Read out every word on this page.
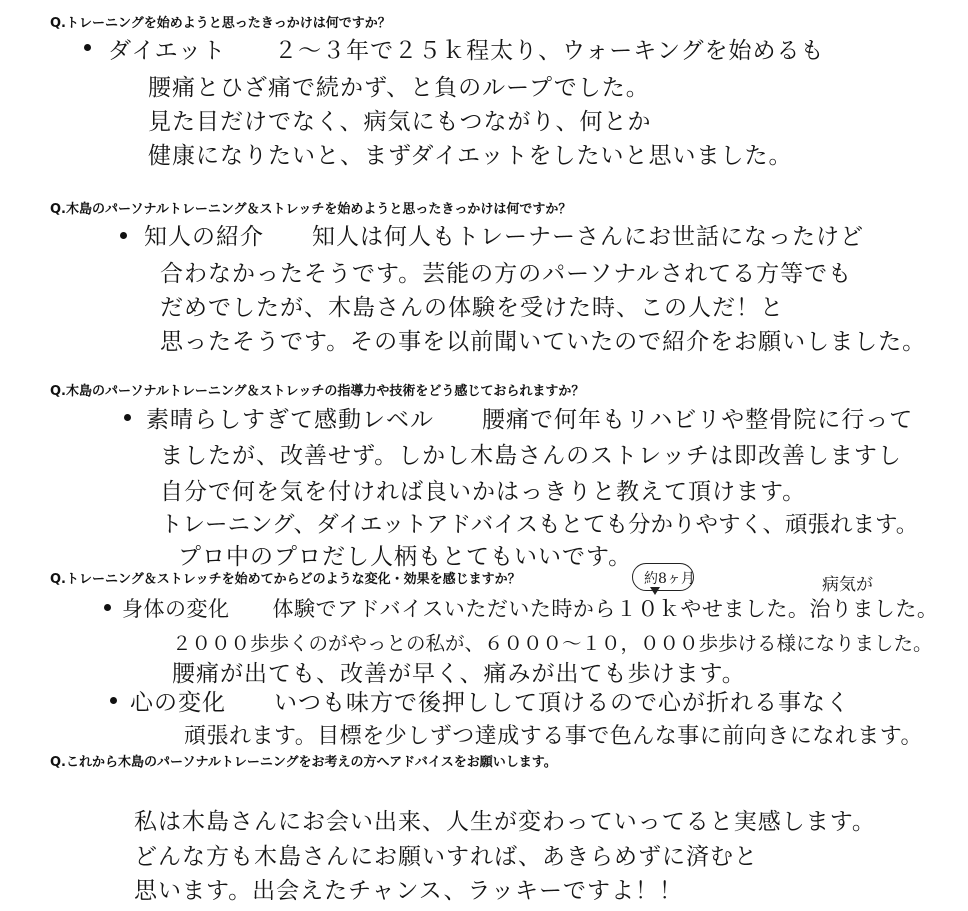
Q.トレーニングを始めようと思ったきっかけは何ですか？
ダイエット　　２～３年で２５ｋ程太り、ウォーキングを始めるも
腰痛とひざ痛で続かず、と負のループでした。
見た目だけでなく、病気にもつながり、何とか
健康になりたいと、まずダイエットをしたいと思いました。
Q.木島のパーソナルトレーニング＆ストレッチを始めようと思ったきっかけは何ですか？
知人の紹介　　知人は何人もトレーナーさんにお世話になったけど
合わなかったそうです。芸能の方のパーソナルされてる方等でも
だめでしたが、木島さんの体験を受けた時、この人だ！と
思ったそうです。その事を以前聞いていたので紹介をお願いしました。
Q.木島のパーソナルトレーニング＆ストレッチの指導力や技術をどう感じておられますか？
素晴らしすぎて感動レベル　　腰痛で何年もリハビリや整骨院に行って
ましたが、改善せず。しかし木島さんのストレッチは即改善しますし
自分で何を気を付ければ良いかはっきりと教えて頂けます。
トレーニング、ダイエットアドバイスもとても分かりやすく、頑張れます。
プロ中のプロだし人柄もとてもいいです。
Q.トレーニング＆ストレッチを始めてからどのような変化・効果を感じますか？	約8ヶ月	病気が
身体の変化　　体験でアドバイスいただいた時から１０ｋやせました。治りました。
２０００歩歩くのがやっとの私が、６０００～１０，０００歩歩ける様になりました。
腰痛が出ても、改善が早く、痛みが出ても歩けます。
心の変化　　いつも味方で後押しして頂けるので心が折れる事なく
頑張れます。目標を少しずつ達成する事で色んな事に前向きになれます。
Q.これから木島のパーソナルトレーニングをお考えの方へアドバイスをお願いします。
私は木島さんにお会い出来、人生が変わっていってると実感します。
どんな方も木島さんにお願いすれば、あきらめずに済むと
思います。出会えたチャンス、ラッキーですよ！！
